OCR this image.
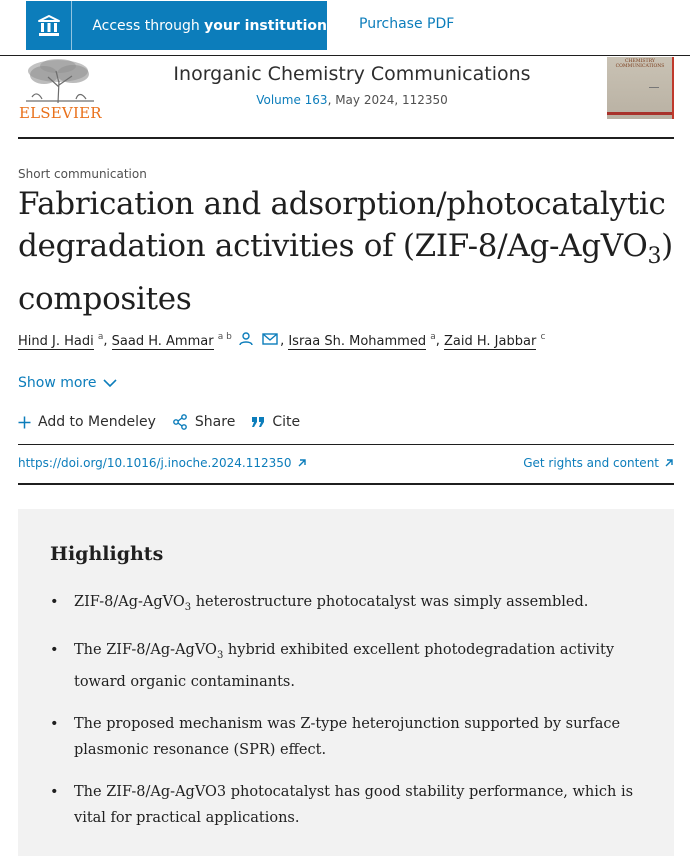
Access through your institution Purchase PDF
ELSEVIER
Inorganic Chemistry Communications
Volume 163, May 2024, 112350
CHEMISTRY COMMUNICATIONS
Short communication
Fabrication and adsorption/photocatalytic
degradation activities of (ZIF-8/Ag-AgVO$_3$)
composites
Hind J. Hadi $^a$, Saad H. Ammar $^{a b}$	, Israa Sh. Mohammed $^a$, Zaid H. Jabbar $^c$
Show more
Add to Mendeley	Share	Cite
https://doi.org/10.1016/j.inoche.2024.112350	Get rights and content
Highlights
• ZIF-8/Ag-AgVO$_3$ heterostructure photocatalyst was simply assembled.
• The ZIF-8/Ag-AgVO$_3$ hybrid exhibited excellent photodegradation activity toward organic contaminants.
• The proposed mechanism was Z-type heterojunction supported by surface plasmonic resonance (SPR) effect.
• The ZIF-8/Ag-AgVO3 photocatalyst has good stability performance, which is vital for practical applications.
